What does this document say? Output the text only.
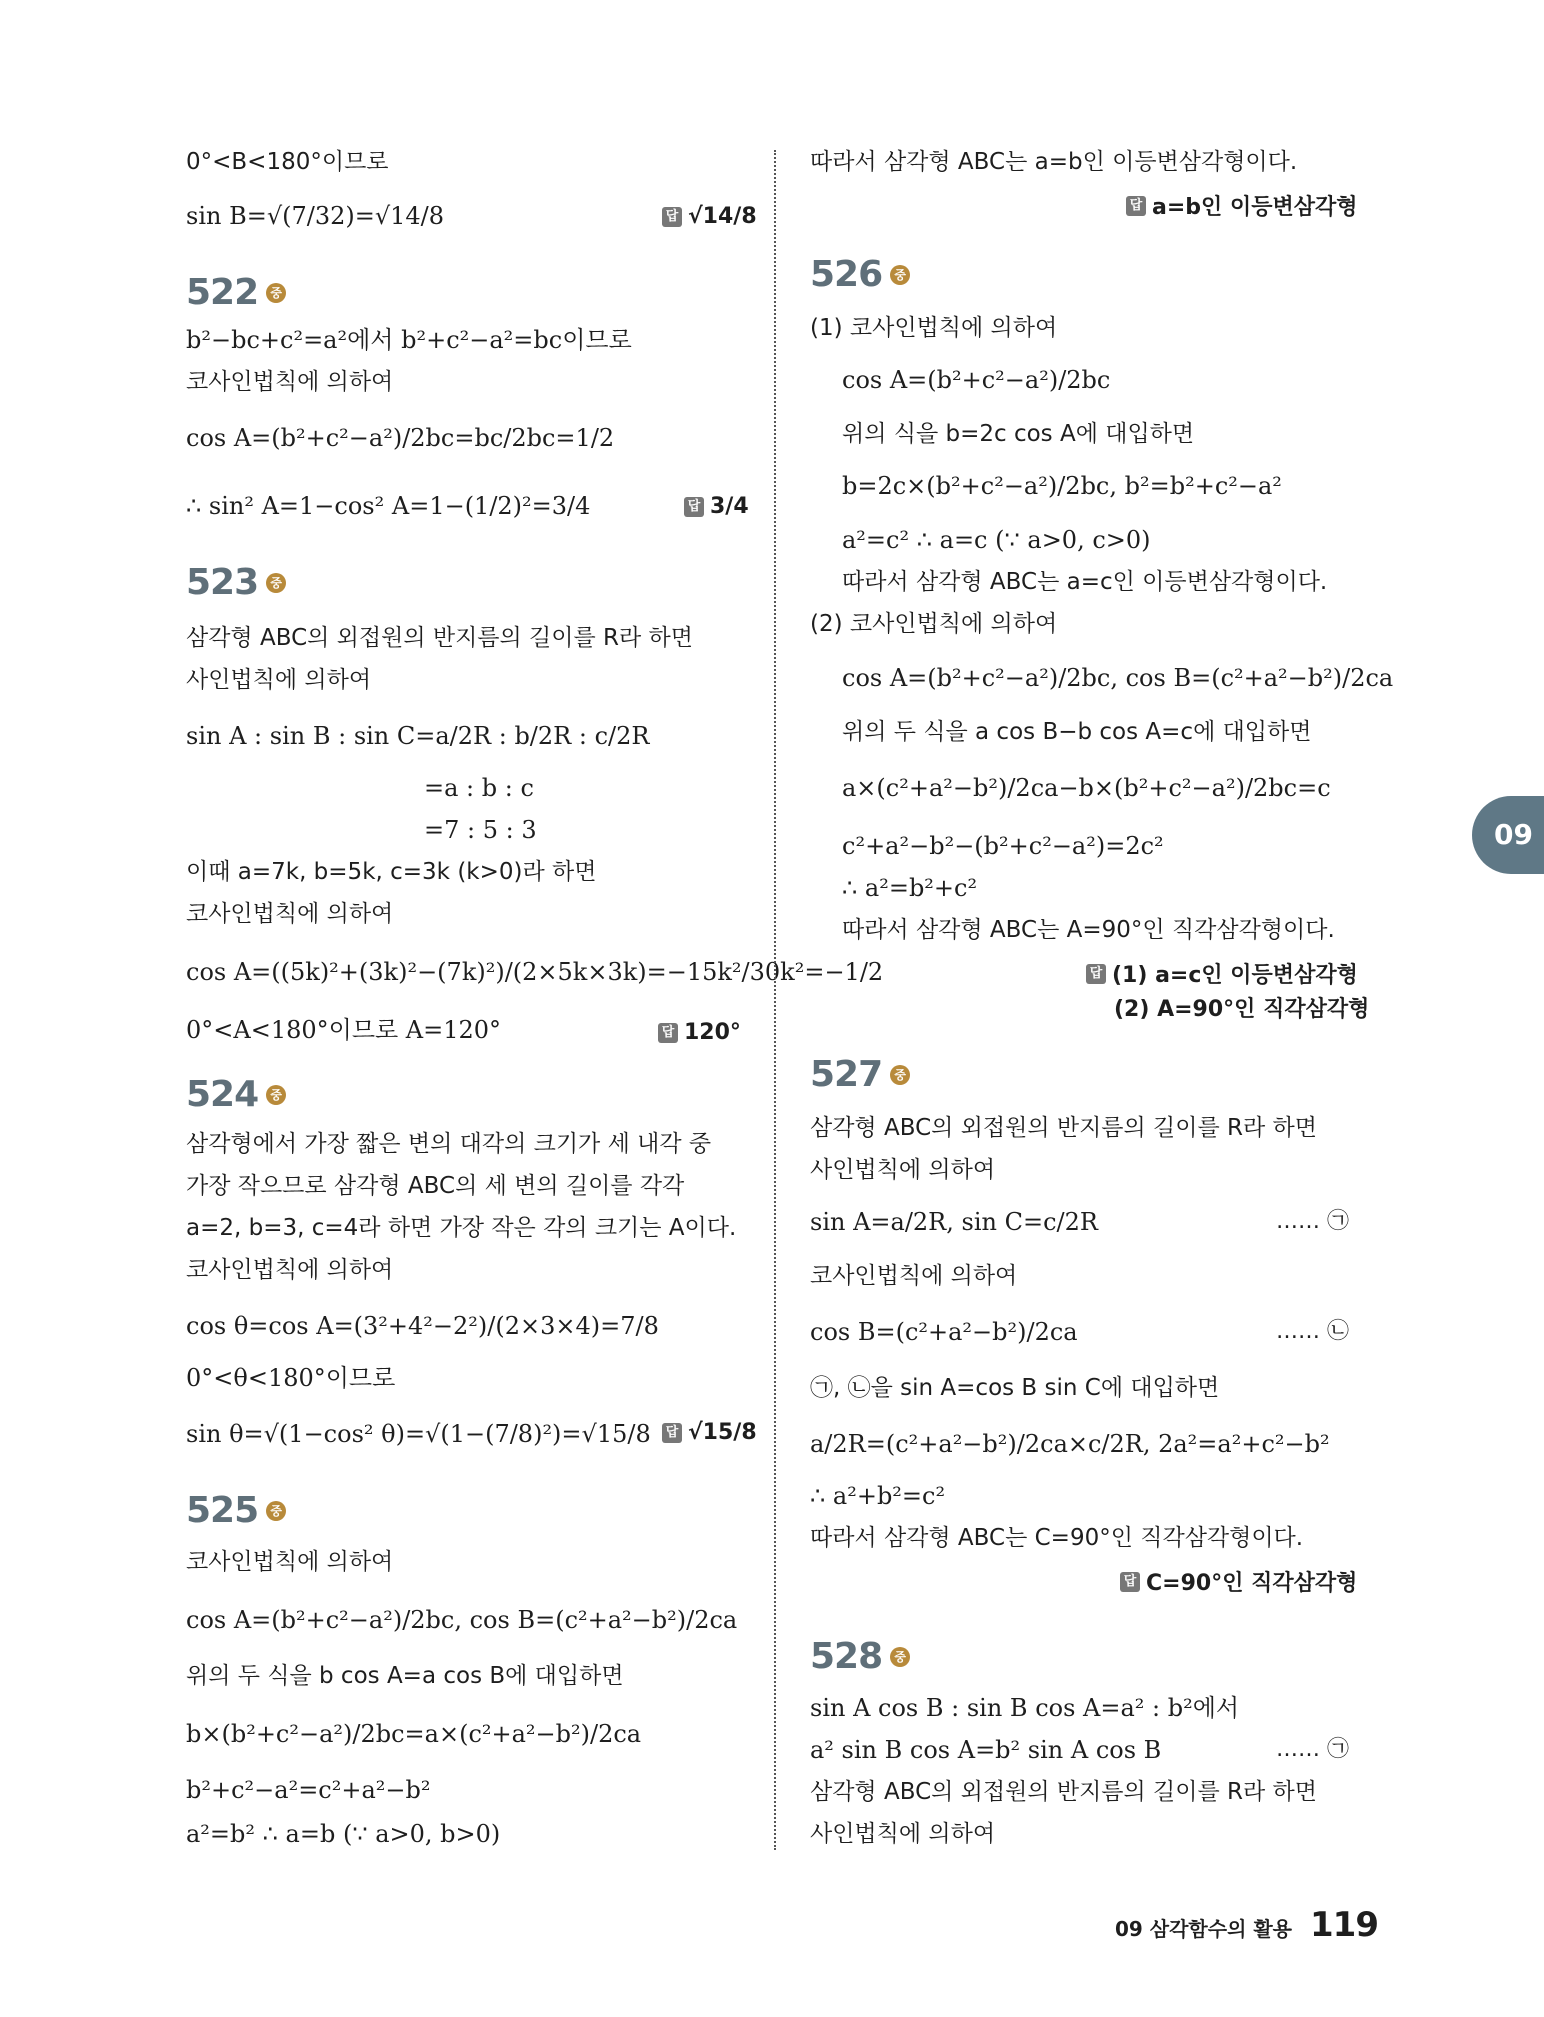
0°<B<180°이므로
sin B=√(7/32)=√14/8	답 √14/8
522	중
b²−bc+c²=a²에서 b²+c²−a²=bc이므로
코사인법칙에 의하여
cos A=(b²+c²−a²)/2bc=bc/2bc=1/2
∴ sin² A=1−cos² A=1−(1/2)²=3/4	답 3/4
523	중
삼각형 ABC의 외접원의 반지름의 길이를 R라 하면
사인법칙에 의하여
sin A : sin B : sin C=a/2R : b/2R : c/2R
=a : b : c
=7 : 5 : 3
이때 a=7k, b=5k, c=3k (k>0)라 하면
코사인법칙에 의하여
cos A=((5k)²+(3k)²−(7k)²)/(2×5k×3k)=−15k²/30k²=−1/2
0°<A<180°이므로 A=120°	답 120°
524	중
삼각형에서 가장 짧은 변의 대각의 크기가 세 내각 중
가장 작으므로 삼각형 ABC의 세 변의 길이를 각각
a=2, b=3, c=4라 하면 가장 작은 각의 크기는 A이다.
코사인법칙에 의하여
cos θ=cos A=(3²+4²−2²)/(2×3×4)=7/8
0°<θ<180°이므로
sin θ=√(1−cos² θ)=√(1−(7/8)²)=√15/8 답 √15/8
525	중
코사인법칙에 의하여
cos A=(b²+c²−a²)/2bc, cos B=(c²+a²−b²)/2ca
위의 두 식을 b cos A=a cos B에 대입하면
b×(b²+c²−a²)/2bc=a×(c²+a²−b²)/2ca
b²+c²−a²=c²+a²−b²
a²=b² ∴ a=b (∵ a>0, b>0)
따라서 삼각형 ABC는 a=b인 이등변삼각형이다.
답 a=b인 이등변삼각형
526	중
(1) 코사인법칙에 의하여
cos A=(b²+c²−a²)/2bc
위의 식을 b=2c cos A에 대입하면
b=2c×(b²+c²−a²)/2bc, b²=b²+c²−a²
a²=c² ∴ a=c (∵ a>0, c>0)
따라서 삼각형 ABC는 a=c인 이등변삼각형이다.
(2) 코사인법칙에 의하여
cos A=(b²+c²−a²)/2bc, cos B=(c²+a²−b²)/2ca
위의 두 식을 a cos B−b cos A=c에 대입하면
a×(c²+a²−b²)/2ca−b×(b²+c²−a²)/2bc=c
c²+a²−b²−(b²+c²−a²)=2c²
∴ a²=b²+c²
따라서 삼각형 ABC는 A=90°인 직각삼각형이다.
답 (1) a=c인 이등변삼각형
(2) A=90°인 직각삼각형
527	중
삼각형 ABC의 외접원의 반지름의 길이를 R라 하면
사인법칙에 의하여
sin A=a/2R, sin C=c/2R	…… ㉠
코사인법칙에 의하여
cos B=(c²+a²−b²)/2ca	…… ㉡
㉠, ㉡을 sin A=cos B sin C에 대입하면
a/2R=(c²+a²−b²)/2ca×c/2R, 2a²=a²+c²−b²
∴ a²+b²=c²
따라서 삼각형 ABC는 C=90°인 직각삼각형이다.
답 C=90°인 직각삼각형
528	중
sin A cos B : sin B cos A=a² : b²에서
a² sin B cos A=b² sin A cos B	…… ㉠
삼각형 ABC의 외접원의 반지름의 길이를 R라 하면
사인법칙에 의하여
09
09 삼각함수의 활용 119
